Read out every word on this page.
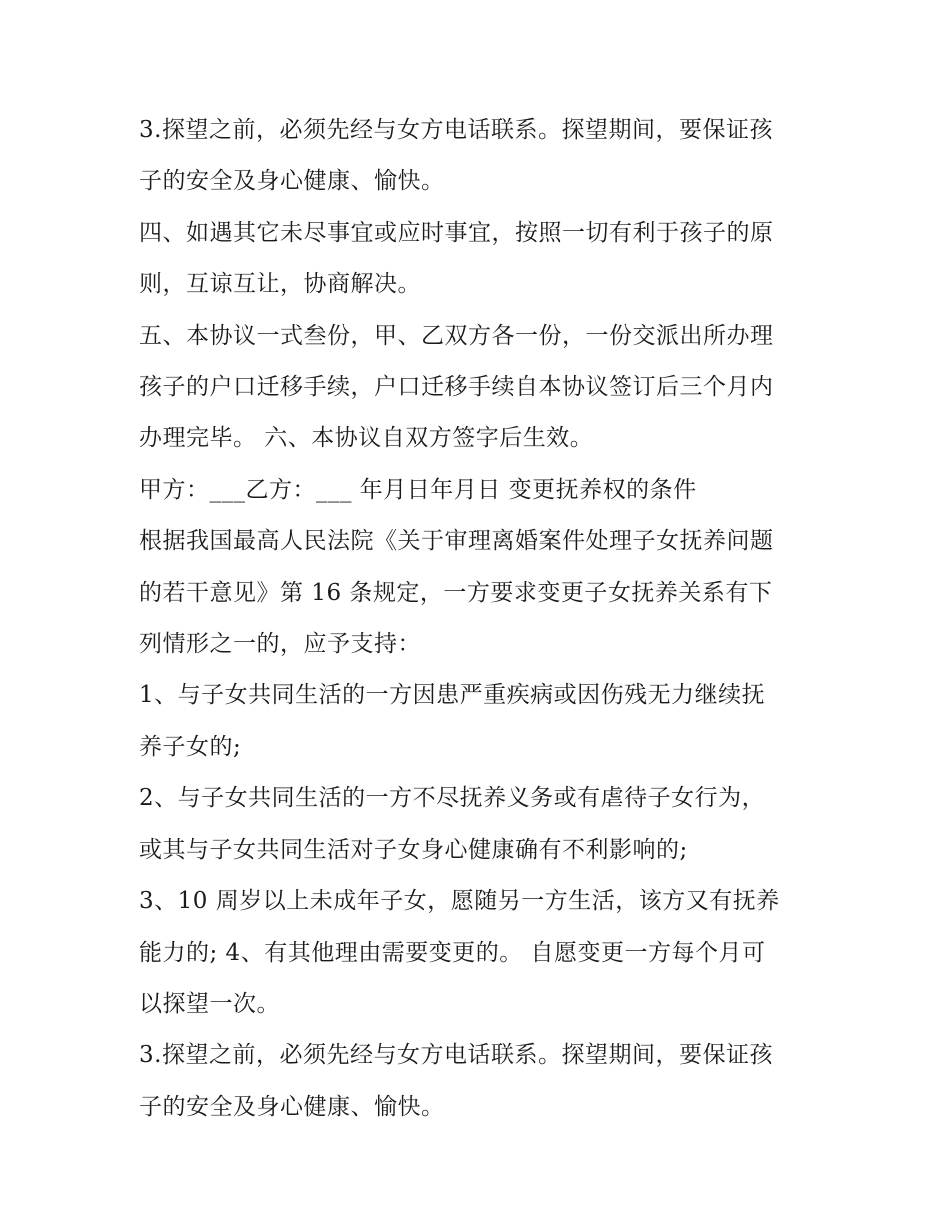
3.探望之前，必须先经与女方电话联系。探望期间，要保证孩
子的安全及身心健康、愉快。

四、如遇其它未尽事宜或应时事宜，按照一切有利于孩子的原
则，互谅互让，协商解决。

五、本协议一式叁份，甲、乙双方各一份，一份交派出所办理
孩子的户口迁移手续，户口迁移手续自本协议签订后三个月内
办理完毕。 六、本协议自双方签字后生效。

甲方：___乙方：___ 年月日年月日 变更抚养权的条件

根据我国最高人民法院《关于审理离婚案件处理子女抚养问题
的若干意见》第 16 条规定，一方要求变更子女抚养关系有下
列情形之一的，应予支持：

1、与子女共同生活的一方因患严重疾病或因伤残无力继续抚
养子女的;

2、与子女共同生活的一方不尽抚养义务或有虐待子女行为，
或其与子女共同生活对子女身心健康确有不利影响的;

3、10 周岁以上未成年子女，愿随另一方生活，该方又有抚养
能力的; 4、有其他理由需要变更的。 自愿变更一方每个月可
以探望一次。

3.探望之前，必须先经与女方电话联系。探望期间，要保证孩
子的安全及身心健康、愉快。
